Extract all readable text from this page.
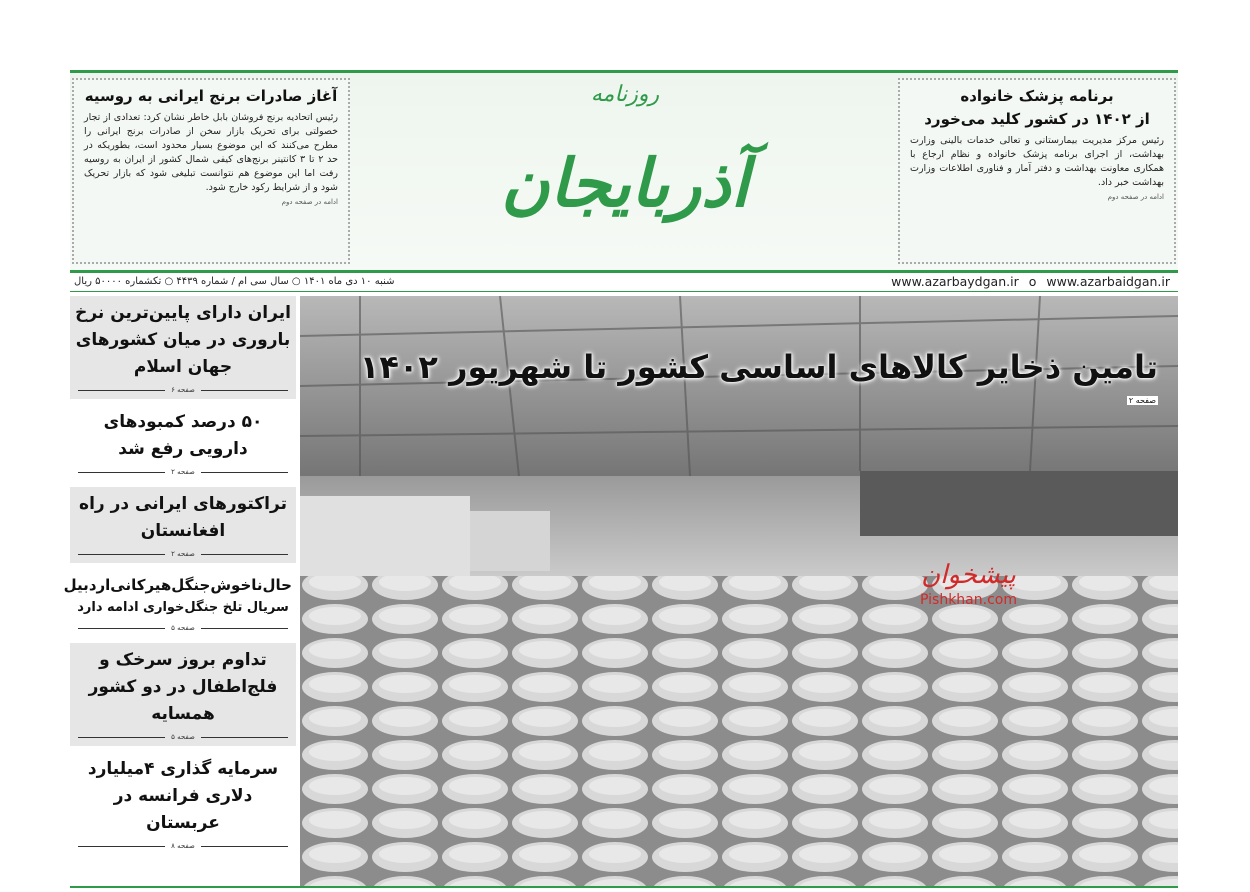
برنامه پزشک خانواده
از ۱۴۰۲ در کشور کلید می‌خورد

رئیس مرکز مدیریت بیمارستانی و تعالی خدمات بالینی وزارت بهداشت، از اجرای برنامه پزشک خانواده و نظام ارجاع با همکاری معاونت بهداشت و دفتر آمار و فناوری اطلاعات وزارت بهداشت خبر داد.

ادامه در صفحه دوم
روزنامه
آذربایجان
آغاز صادرات برنج ایرانی به روسیه

رئیس اتحادیه برنج فروشان بابل خاطر نشان کرد: تعدادی از تجار خصولتی برای تحریک بازار سخن از صادرات برنج ایرانی را مطرح می‌کنند که این موضوع بسیار محدود است، بطوریکه در حد ۲ تا ۳ کانتینر برنج‌های کیفی شمال کشور از ایران به روسیه رفت اما این موضوع هم نتوانست تبلیغی شود که بازار تحریک شود و از شرایط رکود خارج شود.

ادامه در صفحه دوم
www.azarbaydgan.ir o www.azarbaidgan.ir
شنبه ۱۰ دی ماه ۱۴۰۱ ○ سال سی ام / شماره ۴۴۳۹ ○ تکشماره ۵۰۰۰۰ ریال
ایران دارای پایین‌ترین نرخ باروری در میان کشورهای جهان اسلام
صفحه ۶
۵۰ درصد کمبودهای دارویی رفع شد
صفحه ۲
تراکتورهای ایرانی در راه افغانستان
صفحه ۲
حال‌ناخوش‌جنگل‌هیرکانی‌اردبیل
سریال تلخ جنگل‌خواری ادامه دارد
صفحه ۵
تداوم بروز سرخک و فلج‌اطفال در دو کشور همسایه
صفحه ۵
سرمایه گذاری ۴میلیارد دلاری فرانسه در عربستان
صفحه ۸
تامین ذخایر کالاهای اساسی کشور تا شهریور ۱۴۰۲
صفحه ۲
پیشخوان
Pishkhan.com
